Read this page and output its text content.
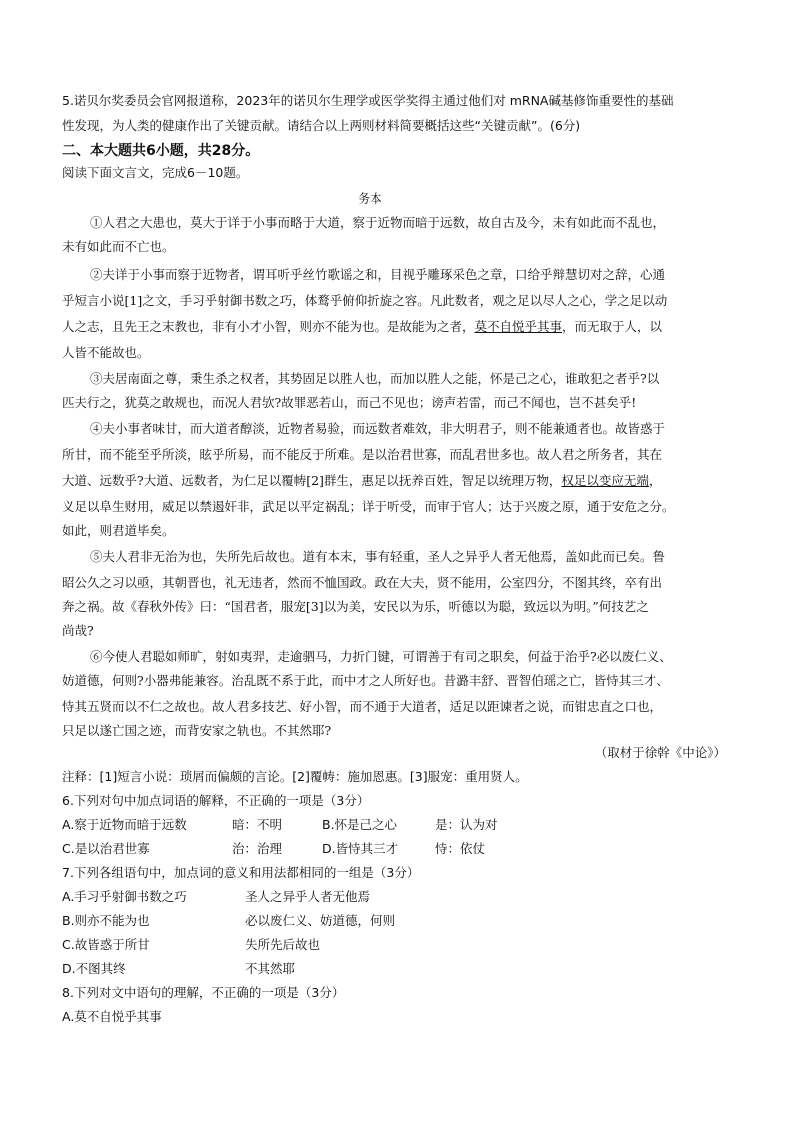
5.诺贝尔奖委员会官网报道称，2023年的诺贝尔生理学或医学奖得主通过他们对 mRNA碱基修饰重要性的基础
性发现，为人类的健康作出了关键贡献。请结合以上两则材料简要概括这些“关键贡献”。(6分)
二、本大题共6小题，共28分。
阅读下面文言文，完成6－10题。
务本
①人君之大患也，莫大于详于小事而略于大道，察于近物而暗于远数，故自古及今，未有如此而不乱也，
未有如此而不亡也。
②夫详于小事而察于近物者，谓耳听乎丝竹歌谣之和，目视乎雕琢采色之章，口给乎辩慧切对之辞，心通
乎短言小说[1]之文，手习乎射御书数之巧，体鹜乎俯仰折旋之容。凡此数者，观之足以尽人之心，学之足以动
人之志，且先王之末教也，非有小才小智，则亦不能为也。是故能为之者，莫不自悦乎其事，而无取于人，以
人皆不能故也。
③夫居南面之尊，秉生杀之权者，其势固足以胜人也，而加以胜人之能，怀是己之心，谁敢犯之者乎?以
匹夫行之，犹莫之敢规也，而况人君欤?故罪恶若山，而己不见也；谤声若雷，而己不闻也，岂不甚矣乎!
④夫小事者味甘，而大道者醇淡，近物者易验，而远数者难效，非大明君子，则不能兼通者也。故皆惑于
所甘，而不能至乎所淡，眩乎所易，而不能反于所难。是以治君世寡，而乱君世多也。故人君之所务者，其在
大道、远数乎?大道、远数者，为仁足以覆帱[2]群生，惠足以抚养百姓，智足以统理万物，权足以变应无端，
义足以阜生财用，威足以禁遏奸非，武足以平定祸乱；详于听受，而审于官人；达于兴废之原，通于安危之分。
如此，则君道毕矣。
⑤夫人君非无治为也，失所先后故也。道有本末，事有轻重，圣人之异乎人者无他焉，盖如此而已矣。鲁
昭公久之习以亟，其朝晋也，礼无违者，然而不恤国政。政在大夫，贤不能用，公室四分，不图其终，卒有出
奔之祸。故《春秋外传》曰：“国君者，服宠[3]以为美，安民以为乐，听德以为聪，致远以为明。”何技艺之
尚哉?
⑥今使人君聪如师旷，射如夷羿，走逾驷马，力折门键，可谓善于有司之职矣，何益于治乎?必以废仁义、
妨道德，何则?小器弗能兼容。治乱既不系于此，而中才之人所好也。昔潞丰舒、晋智伯瑶之亡，皆恃其三才、
恃其五贤而以不仁之故也。故人君多技艺、好小智，而不通于大道者，适足以距谏者之说，而钳忠直之口也，
只足以遂亡国之迹，而背安家之轨也。不其然耶?
（取材于徐幹《中论》）
注释：[1]短言小说：琐屑而偏颇的言论。[2]覆帱：施加恩惠。[3]服宠：重用贤人。
6.下列对句中加点词语的解释，不正确的一项是（3分）
A.察于近物而暗于远数	暗：不明	B.怀是己之心	是：认为对
C.是以治君世寡	治：治理	D.皆恃其三才	恃：依仗
7.下列各组语句中，加点词的意义和用法都相同的一组是（3分）
A.手习乎射御书数之巧	圣人之异乎人者无他焉
B.则亦不能为也	必以废仁义、妨道德，何则
C.故皆惑于所甘	失所先后故也
D.不图其终	不其然耶
8.下列对文中语句的理解，不正确的一项是（3分）
A.莫不自悦乎其事
